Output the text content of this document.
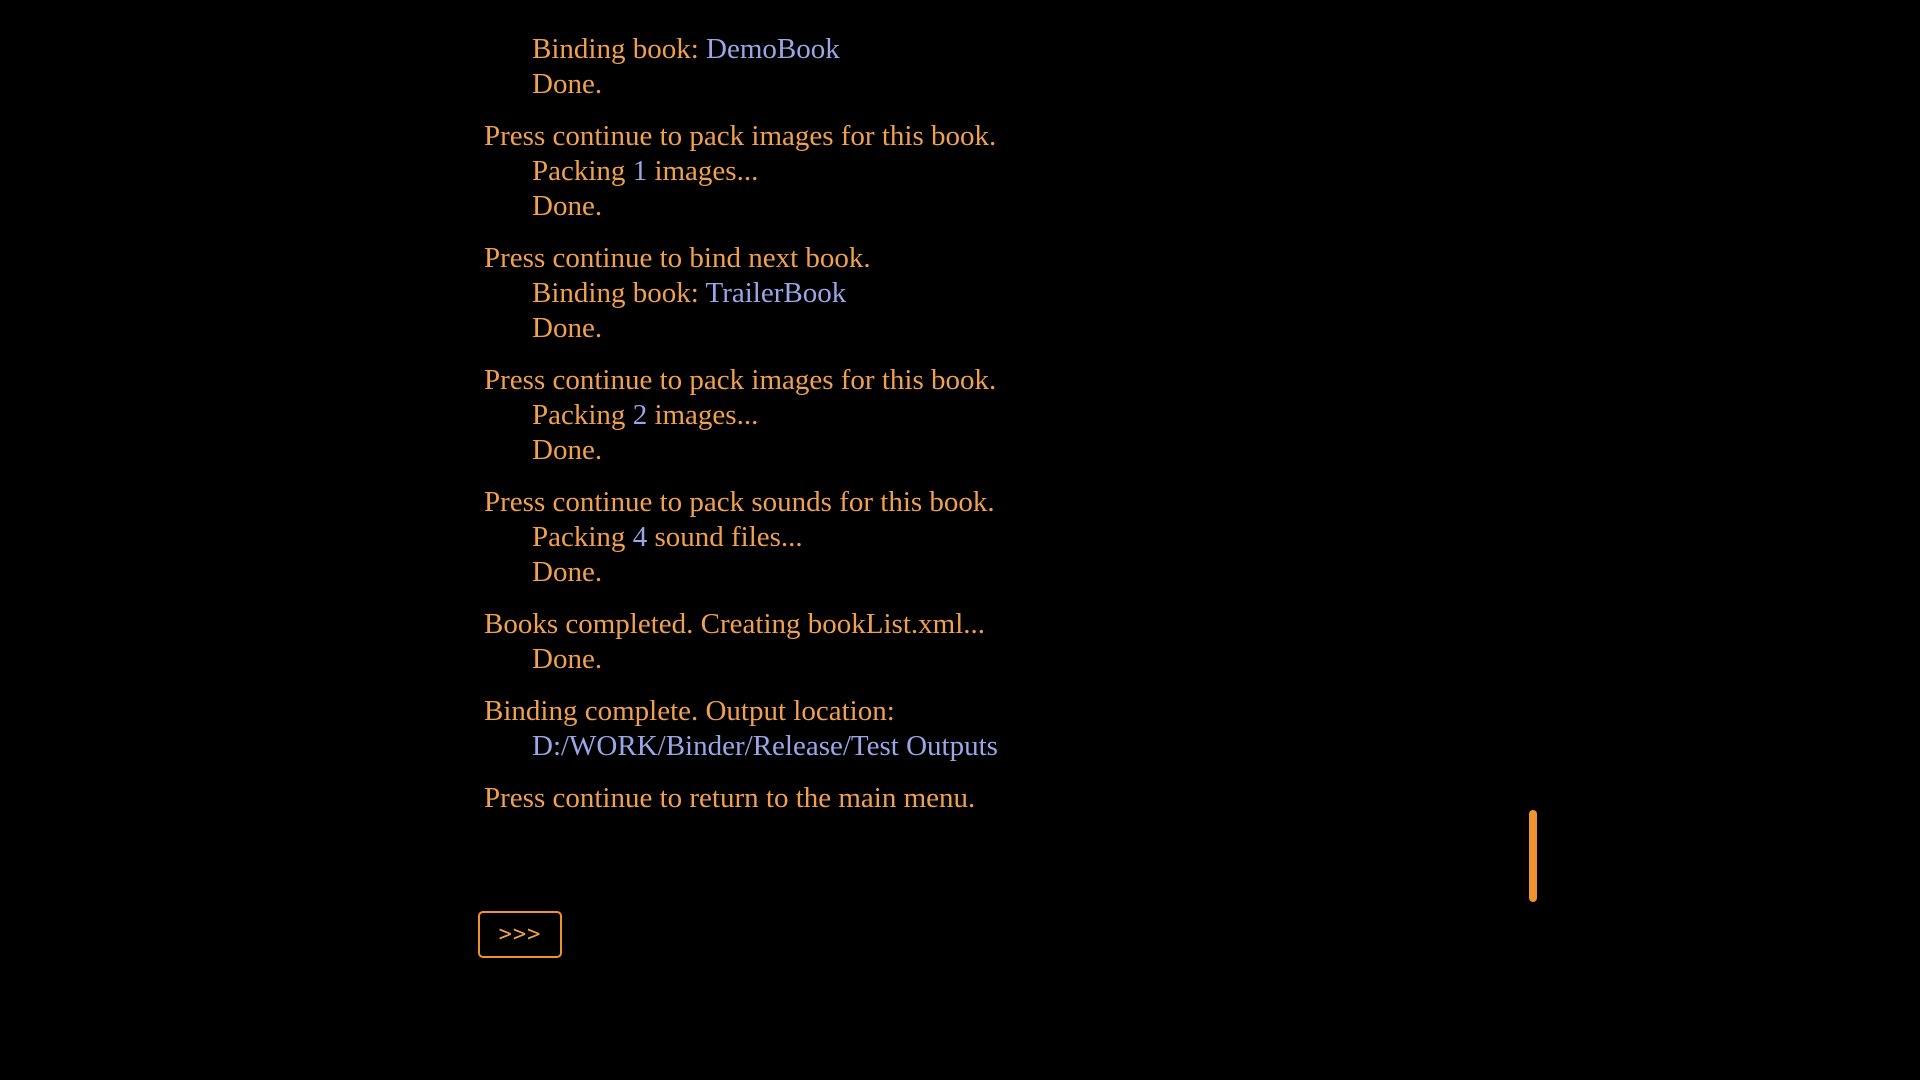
Binding book: DemoBook
Done.
Press continue to pack images for this book.
Packing 1 images...
Done.
Press continue to bind next book.
Binding book: TrailerBook
Done.
Press continue to pack images for this book.
Packing 2 images...
Done.
Press continue to pack sounds for this book.
Packing 4 sound files...
Done.
Books completed. Creating bookList.xml...
Done.
Binding complete. Output location:
D:/WORK/Binder/Release/Test Outputs
Press continue to return to the main menu.
>>>
